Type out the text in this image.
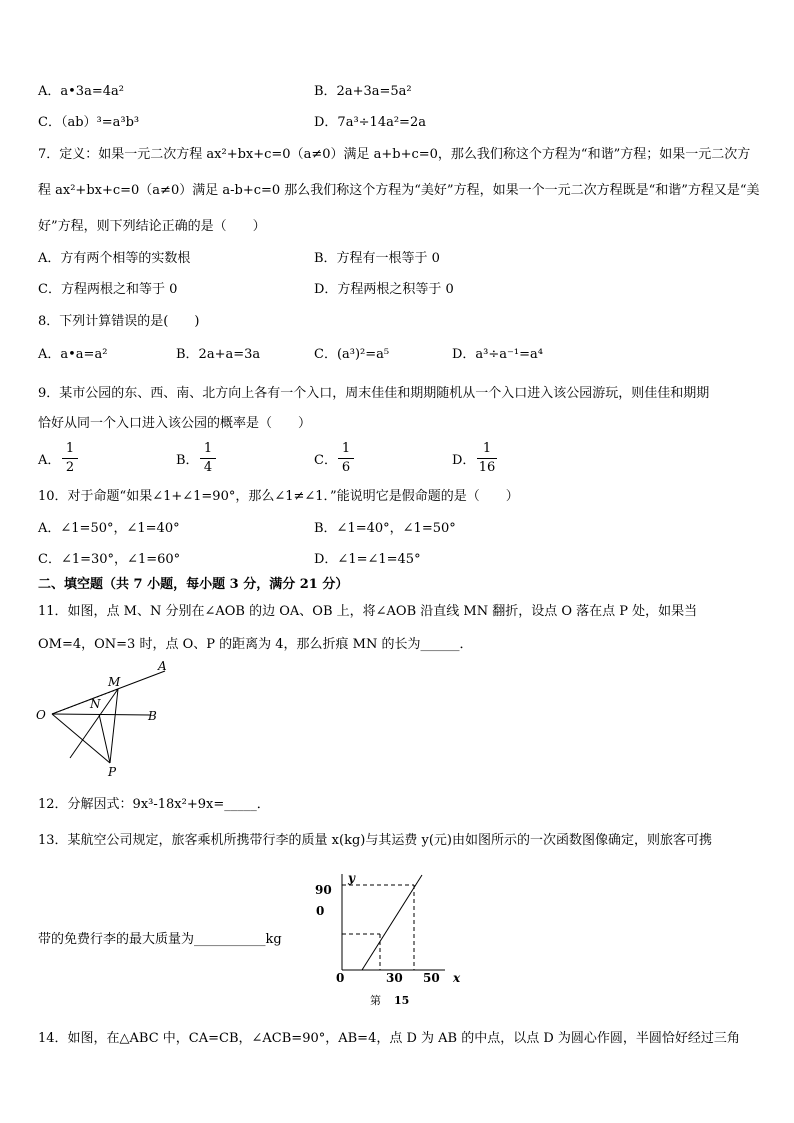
A．a•3a=4a²	B．2a+3a=5a²
C．（ab）³=a³b³	D．7a³÷14a²=2a
7．定义：如果一元二次方程 ax²+bx+c=0（a≠0）满足 a+b+c=0，那么我们称这个方程为“和谐”方程；如果一元二次方
程 ax²+bx+c=0（a≠0）满足 a-b+c=0 那么我们称这个方程为“美好”方程，如果一个一元二次方程既是“和谐”方程又是“美
好”方程，则下列结论正确的是（　　）
A．方有两个相等的实数根	B．方程有一根等于 0
C．方程两根之和等于 0	D．方程两根之积等于 0
8．下列计算错误的是(　　)
A．a•a=a²	B．2a+a=3a	C．(a³)²=a⁵	D．a³÷a⁻¹=a⁴
9．某市公园的东、西、南、北方向上各有一个入口，周末佳佳和期期随机从一个入口进入该公园游玩，则佳佳和期期
恰好从同一个入口进入该公园的概率是（　　）
A．
1
2	B．
1
4	C．
1
6	D．
1
16
10．对于命题“如果∠1+∠1=90°，那么∠1≠∠1．”能说明它是假命题的是（　　）
A．∠1=50°，∠1=40°	B．∠1=40°，∠1=50°
C．∠1=30°，∠1=60°	D．∠1=∠1=45°
二、填空题（共 7 小题，每小题 3 分，满分 21 分）
11．如图，点 M、N 分别在∠AOB 的边 OA、OB 上，将∠AOB 沿直线 MN 翻折，设点 O 落在点 P 处，如果当
OM=4，ON=3 时，点 O、P 的距离为 4，那么折痕 MN 的长为______．
O
A
B
M
N
P
12．分解因式：9x³-18x²+9x=_____．
13．某航空公司规定，旅客乘机所携带行李的质量 x(kg)与其运费 y(元)由如图所示的一次函数图像确定，则旅客可携
带的免费行李的最大质量为___________kg
y
90
0
0	30 50 x
第 15
14．如图，在△ABC 中，CA=CB，∠ACB=90°，AB=4，点 D 为 AB 的中点，以点 D 为圆心作圆，半圆恰好经过三角
